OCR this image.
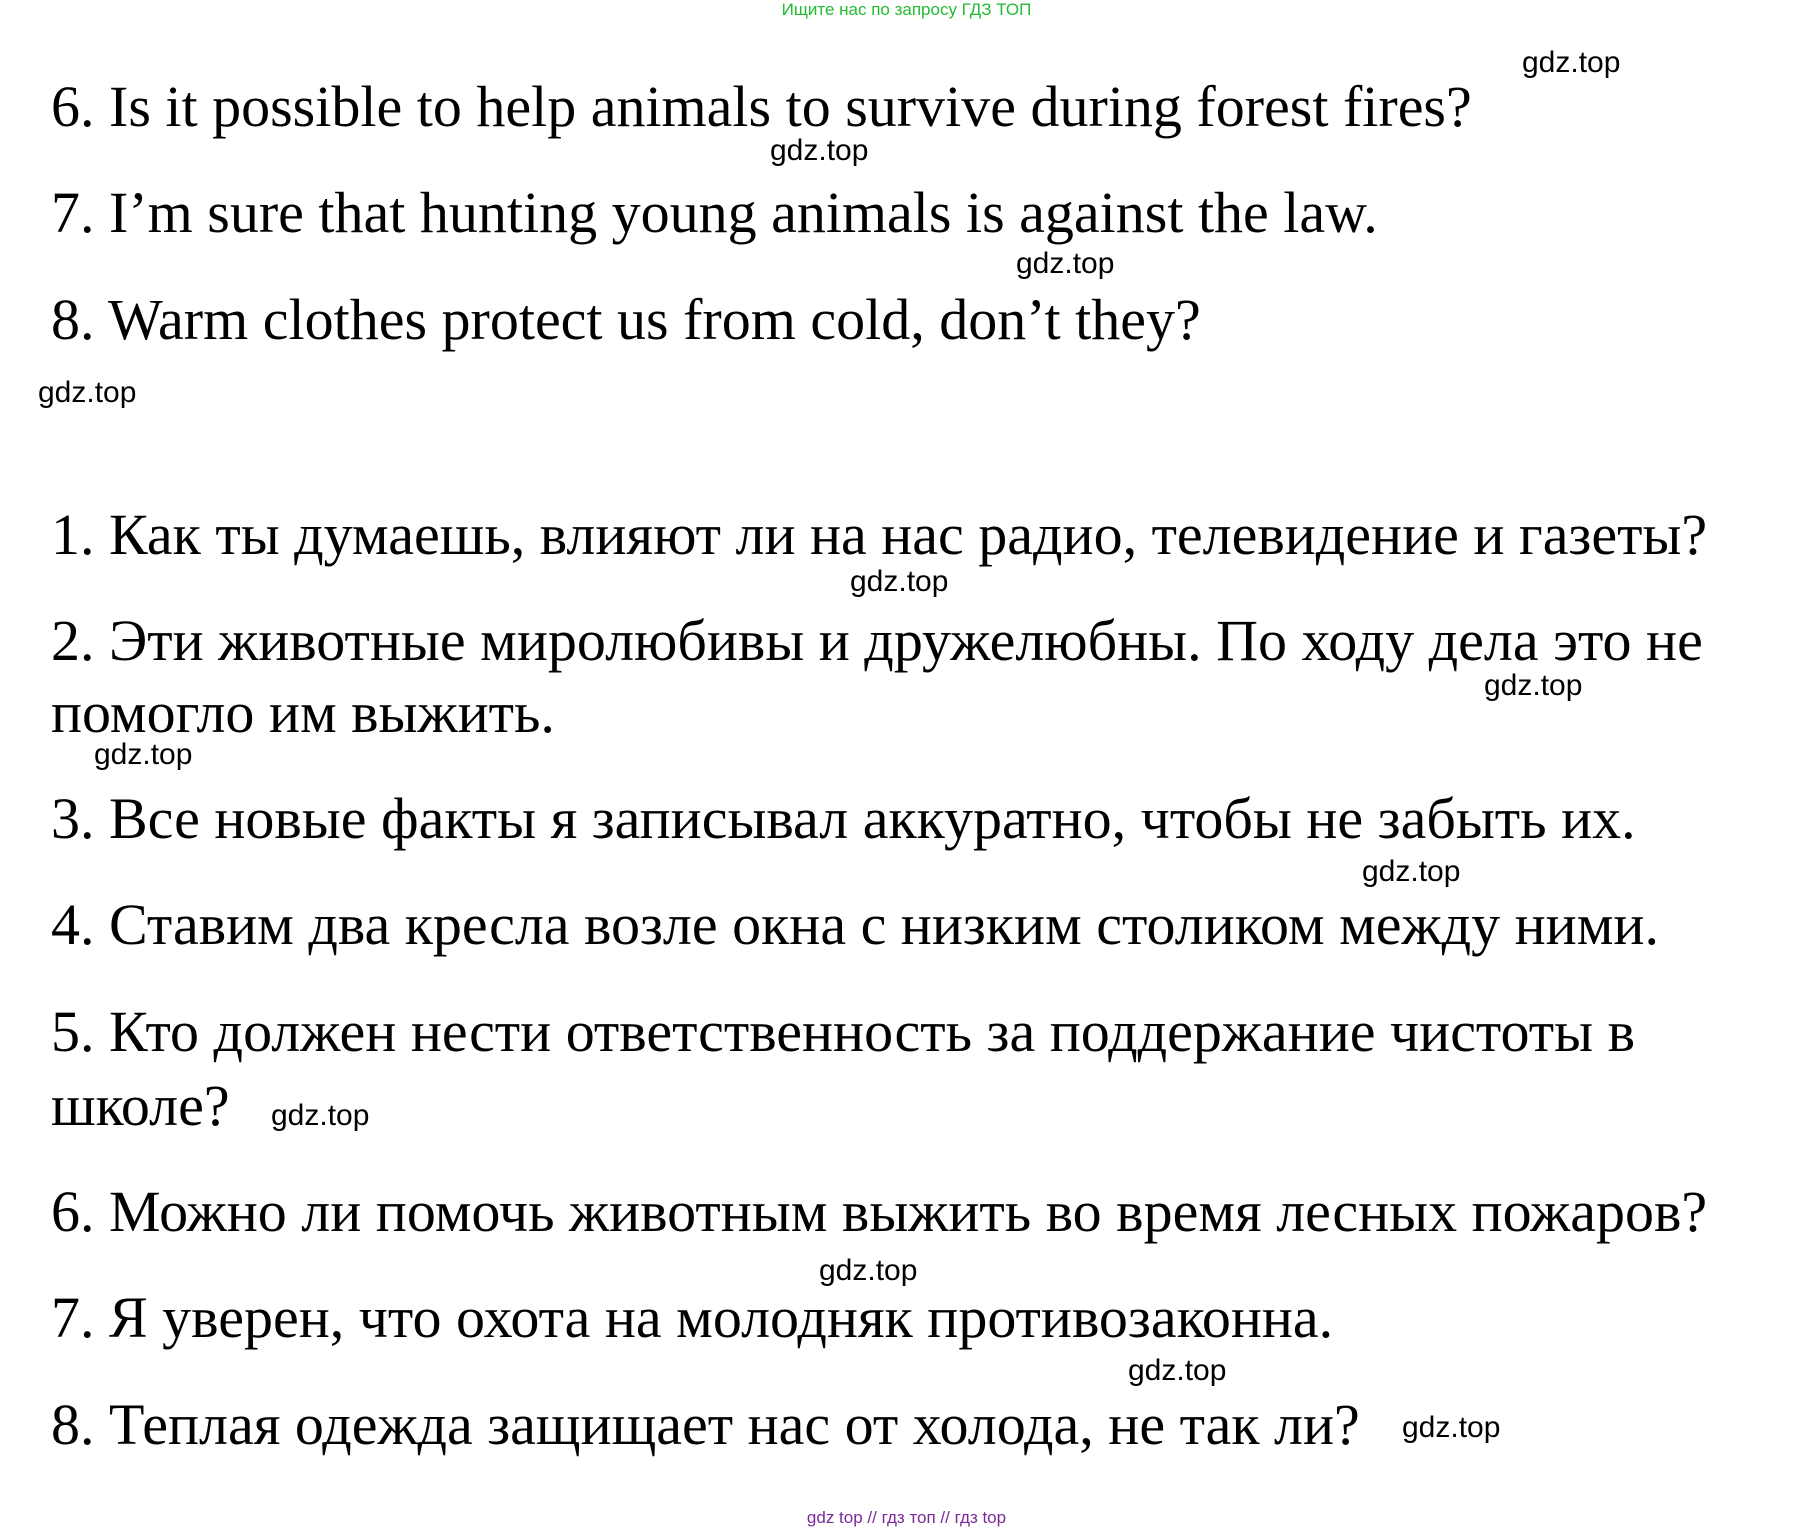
Ищите нас по запросу ГДЗ ТОП
6. Is it possible to help animals to survive during forest fires?
7. I’m sure that hunting young animals is against the law.
8. Warm clothes protect us from cold, don’t they?
1. Как ты думаешь, влияют ли на нас радио, телевидение и газеты?
2. Эти животные миролюбивы и дружелюбны. По ходу дела это не
помогло им выжить.
3. Все новые факты я записывал аккуратно, чтобы не забыть их.
4. Ставим два кресла возле окна с низким столиком между ними.
5. Кто должен нести ответственность за поддержание чистоты в
школе?
6. Можно ли помочь животным выжить во время лесных пожаров?
7. Я уверен, что охота на молодняк противозаконна.
8. Теплая одежда защищает нас от холода, не так ли?
gdz.top
gdz.top
gdz.top
gdz.top
gdz.top
gdz.top
gdz.top
gdz.top
gdz.top
gdz.top
gdz.top
gdz.top
gdz top // гдз топ // гдз top
